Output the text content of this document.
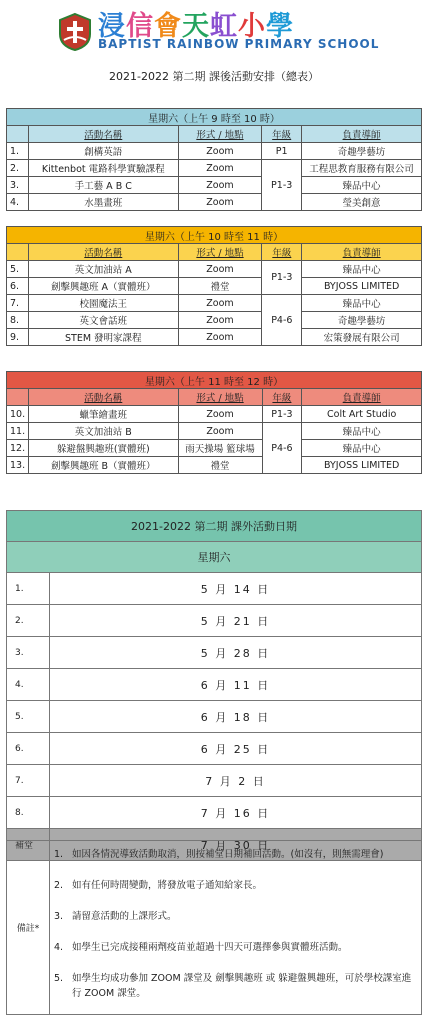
浸信會天虹小學
BAPTIST RAINBOW PRIMARY SCHOOL
2021-2022 第二期 課後活動安排（總表）
星期六（上午 9 時至 10 時）				
	活動名稱	形式 / 地點	年級	負責導師
1.	創構英語	Zoom	P1	奇趣學藝坊
2.	Kittenbot 電路科學實驗課程	Zoom	P1-3	工程思教育服務有限公司
3.	手工藝 A B C	Zoom		臻品中心
4.	水墨畫班	Zoom		瑩美創意
星期六（上午 10 時至 11 時）				
	活動名稱	形式 / 地點	年級	負責導師
5.	英文加油站 A	Zoom	P1-3	臻品中心
6.	劍擊興趣班 A（實體班）	禮堂		BYJOSS LIMITED
7.	校園魔法王	Zoom	P4-6	臻品中心
8.	英文會話班	Zoom		奇趣學藝坊
9.	STEM 發明家課程	Zoom		宏策發展有限公司
星期六（上午 11 時至 12 時）				
	活動名稱	形式 / 地點	年級	負責導師
10.	蠟筆繪畫班	Zoom	P1-3	Colt Art Studio
11.	英文加油站 B	Zoom	P4-6	臻品中心
12.	躲避盤興趣班(實體班)	雨天操場 籃球場		臻品中心
13.	劍擊興趣班 B（實體班）	禮堂		BYJOSS LIMITED
2021-2022 第二期 課外活動日期	
星期六	
1.	5 月 14 日
2.	5 月 21 日
3.	5 月 28 日
4.	6 月 11 日
5.	6 月 18 日
6.	6 月 25 日
7.	7 月 2 日
8.	7 月 16 日
補堂	7 月 30 日
備註*
1. 如因各情況導致活動取消，則按補堂日期補回活動。(如沒有，則無需理會)
2. 如有任何時間變動，將發放電子通知給家長。
3. 請留意活動的上課形式。
4. 如學生已完成接種兩劑疫苗並超過十四天可選擇參與實體班活動。
5. 如學生均成功參加 ZOOM 課堂及 劍擊興趣班 或 躲避盤興趣班，可於學校課室進行 ZOOM 課堂。
